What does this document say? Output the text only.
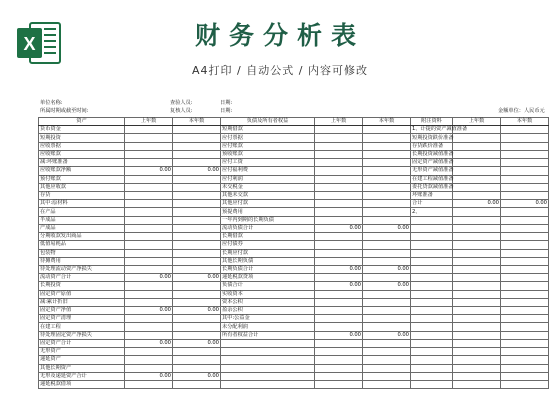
X	财务分析表
A4打印 / 自动公式 / 内容可修改
单位名称:
所属时期或截至时间:
查验人员:
复核人员:
日期:
日期:	金额单位：人民币元
资产	上年数	本年数	负债及所有者权益	上年数	本年数	附注资料	上年数	本年数
货币资金			短期借款			1、计提的资产减值准备		
短期投资			应付票据			短期投资跌价准备		
应收票据			应付账款			存货跌价准备		
应收账款			预收账款			长期投资减值准备		
减:坏账准备			应付工资			固定资产减值准备		
应收账款净额	0.00	0.00	应付福利费			无形资产减值准备		
预付账款			应付利润			在建工程减值准备		
其他应收款			未交税金			委托贷款减值准备		
存货			其他未交款			坏账准备		
其中:原材料			其他应付款			合计	0.00	0.00
在产品			预提费用			2、		
半成品			一年内到期的长期负债					
产成品			流动负债合计	0.00	0.00			
分期收款发出商品			长期借款					
低值易耗品			应付债券					
包装物			长期应付款					
待摊费用			其他长期负债					
待处理流动资产净损失			长期负债合计	0.00	0.00			
流动资产合计	0.00	0.00	递延税款贷项					
长期投资			负债合计	0.00	0.00			
固定资产原值			实收资本					
减:累计折旧			资本公积					
固定资产净值	0.00	0.00	盈余公积					
固定资产清理			其中:公益金					
在建工程			未分配利润					
待处理固定资产净损失			所有者权益合计	0.00	0.00			
固定资产合计	0.00	0.00						
无形资产								
递延资产								
其他长期资产								
无形及递延资产合计	0.00	0.00						
递延税款借项								
